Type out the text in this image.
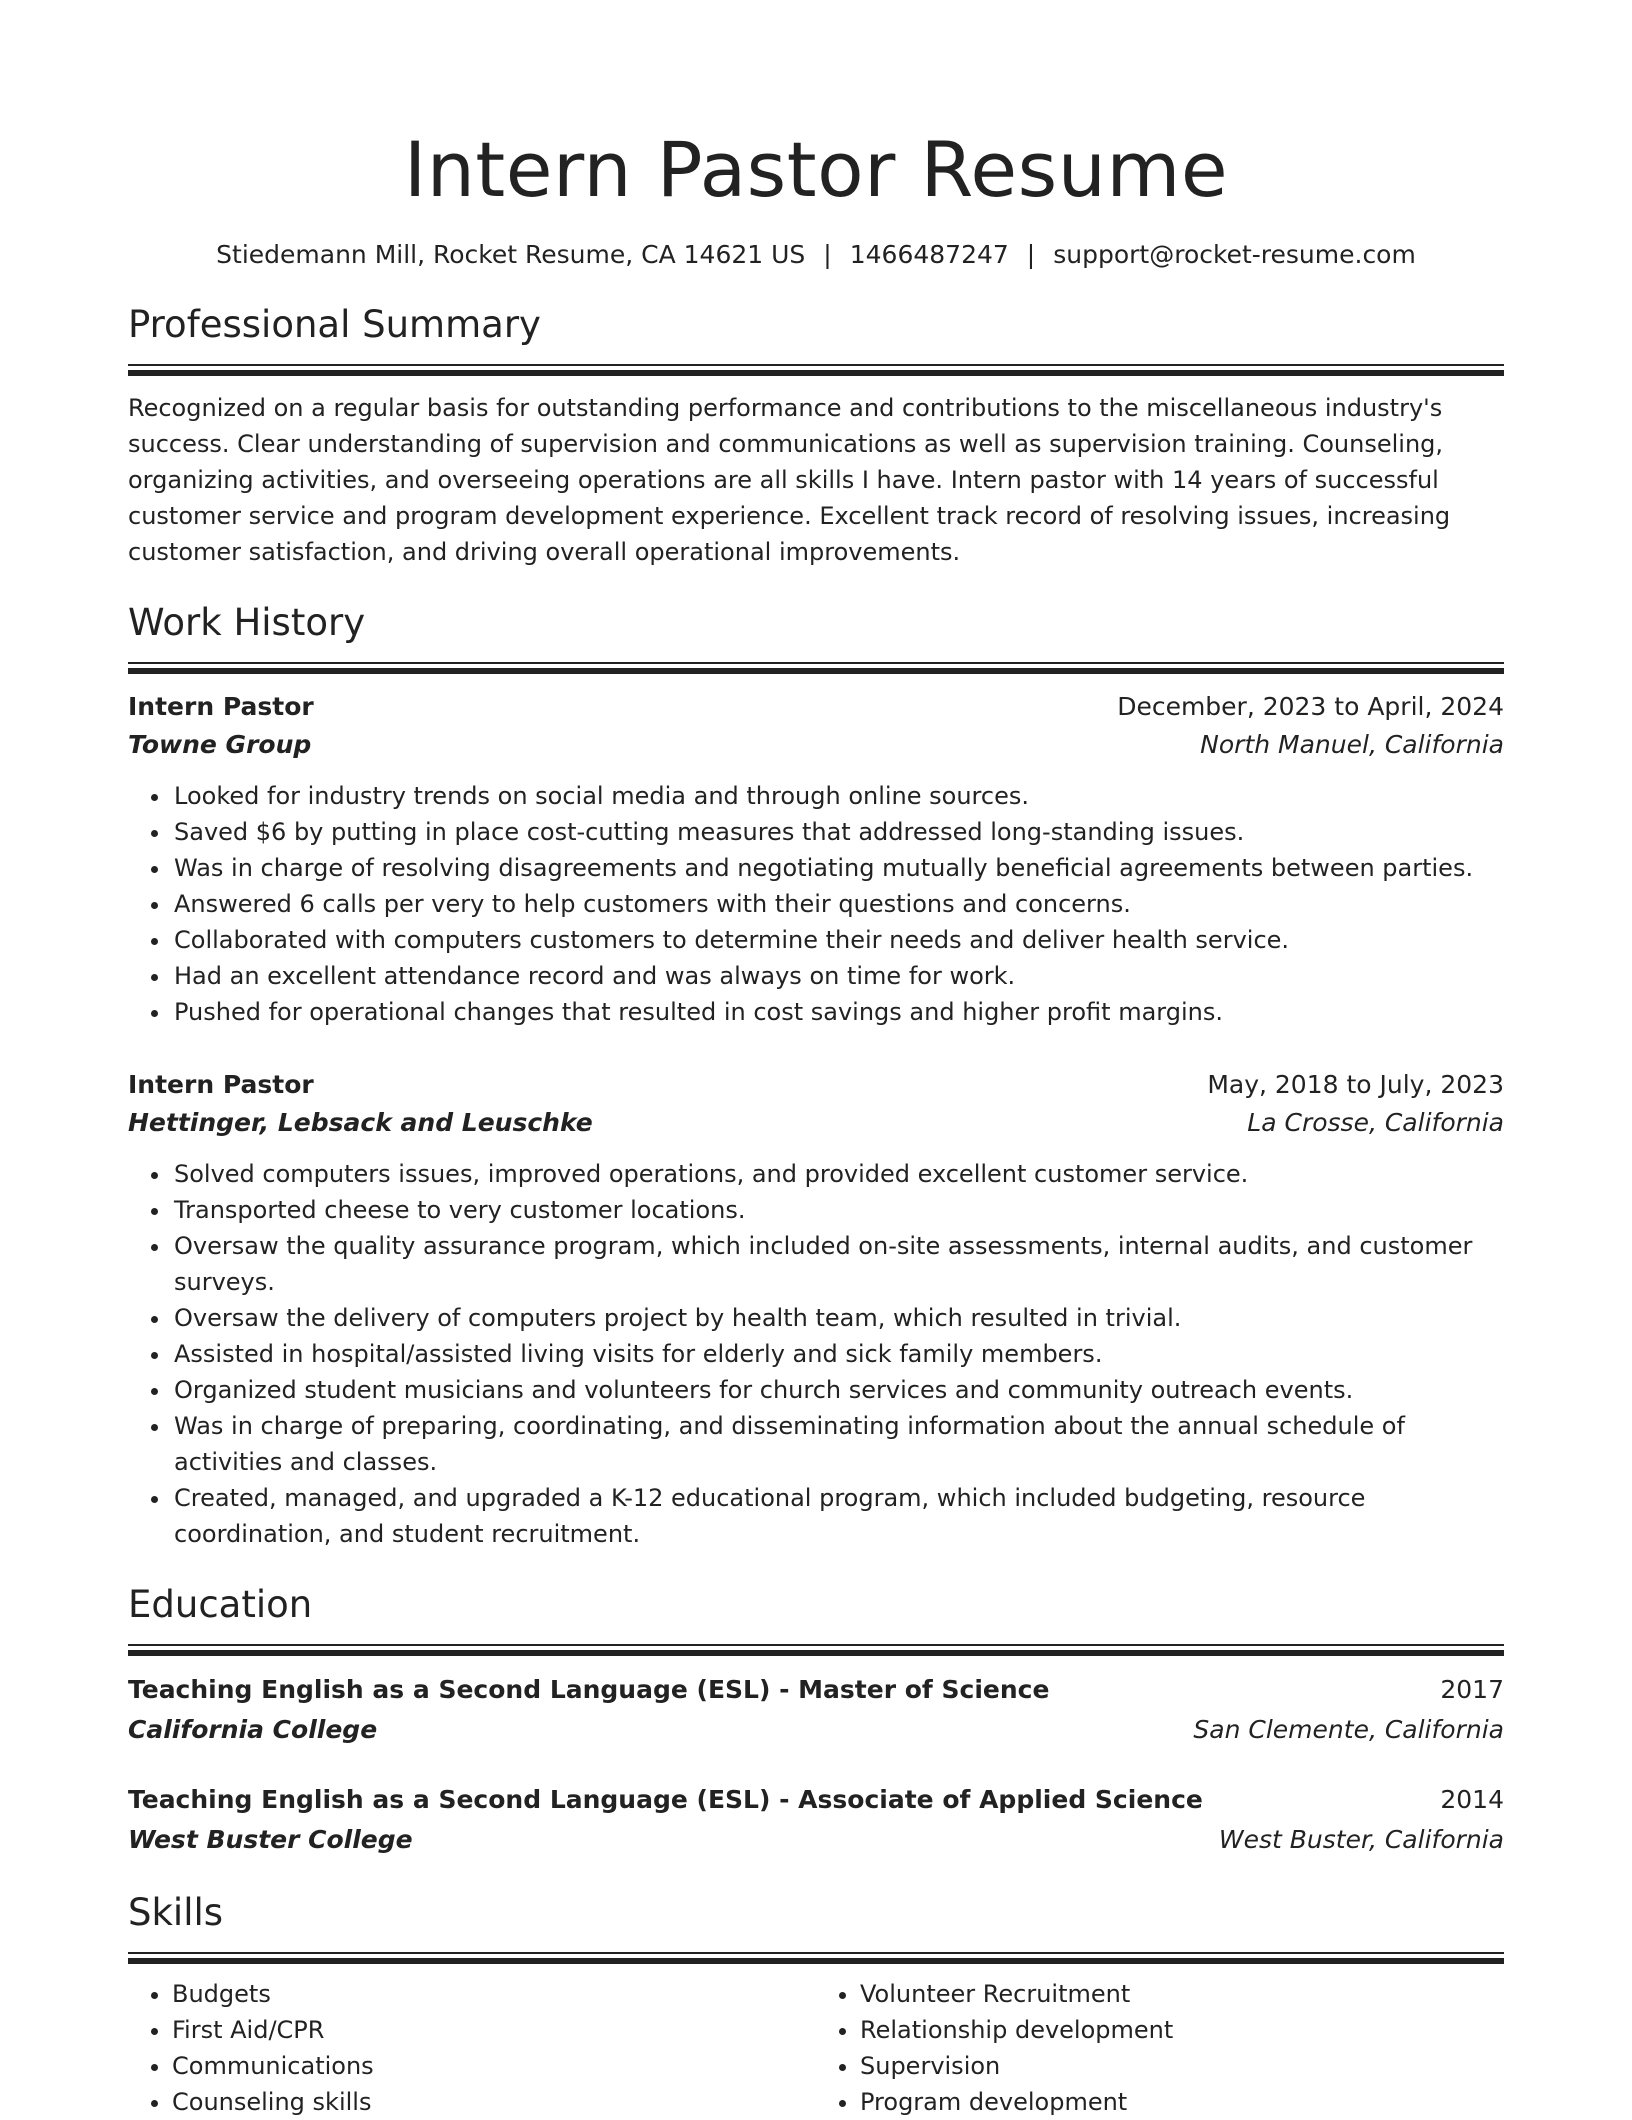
Intern Pastor Resume
Stiedemann Mill, Rocket Resume, CA 14621 US | 1466487247 | support@rocket-resume.com
Professional Summary

Recognized on a regular basis for outstanding performance and contributions to the miscellaneous industry's success. Clear understanding of supervision and communications as well as supervision training. Counseling, organizing activities, and overseeing operations are all skills I have. Intern pastor with 14 years of successful customer service and program development experience. Excellent track record of resolving issues, increasing customer satisfaction, and driving overall operational improvements.

Work History
Intern Pastor	December, 2023 to April, 2024
Towne Group	North Manuel, California
• Looked for industry trends on social media and through online sources.
• Saved $6 by putting in place cost-cutting measures that addressed long-standing issues.
• Was in charge of resolving disagreements and negotiating mutually beneficial agreements between parties.
• Answered 6 calls per very to help customers with their questions and concerns.
• Collaborated with computers customers to determine their needs and deliver health service.
• Had an excellent attendance record and was always on time for work.
• Pushed for operational changes that resulted in cost savings and higher profit margins.
Intern Pastor	May, 2018 to July, 2023
Hettinger, Lebsack and Leuschke	La Crosse, California
• Solved computers issues, improved operations, and provided excellent customer service.
• Transported cheese to very customer locations.
• Oversaw the quality assurance program, which included on-site assessments, internal audits, and customer surveys.
• Oversaw the delivery of computers project by health team, which resulted in trivial.
• Assisted in hospital/assisted living visits for elderly and sick family members.
• Organized student musicians and volunteers for church services and community outreach events.
• Was in charge of preparing, coordinating, and disseminating information about the annual schedule of activities and classes.
• Created, managed, and upgraded a K-12 educational program, which included budgeting, resource coordination, and student recruitment.
Education
Teaching English as a Second Language (ESL) - Master of Science	2017
California College	San Clemente, California
Teaching English as a Second Language (ESL) - Associate of Applied Science	2014
West Buster College	West Buster, California
Skills
• Budgets
• First Aid/CPR
• Communications
• Counseling skills
• Volunteer Recruitment
• Relationship development
• Supervision
• Program development
